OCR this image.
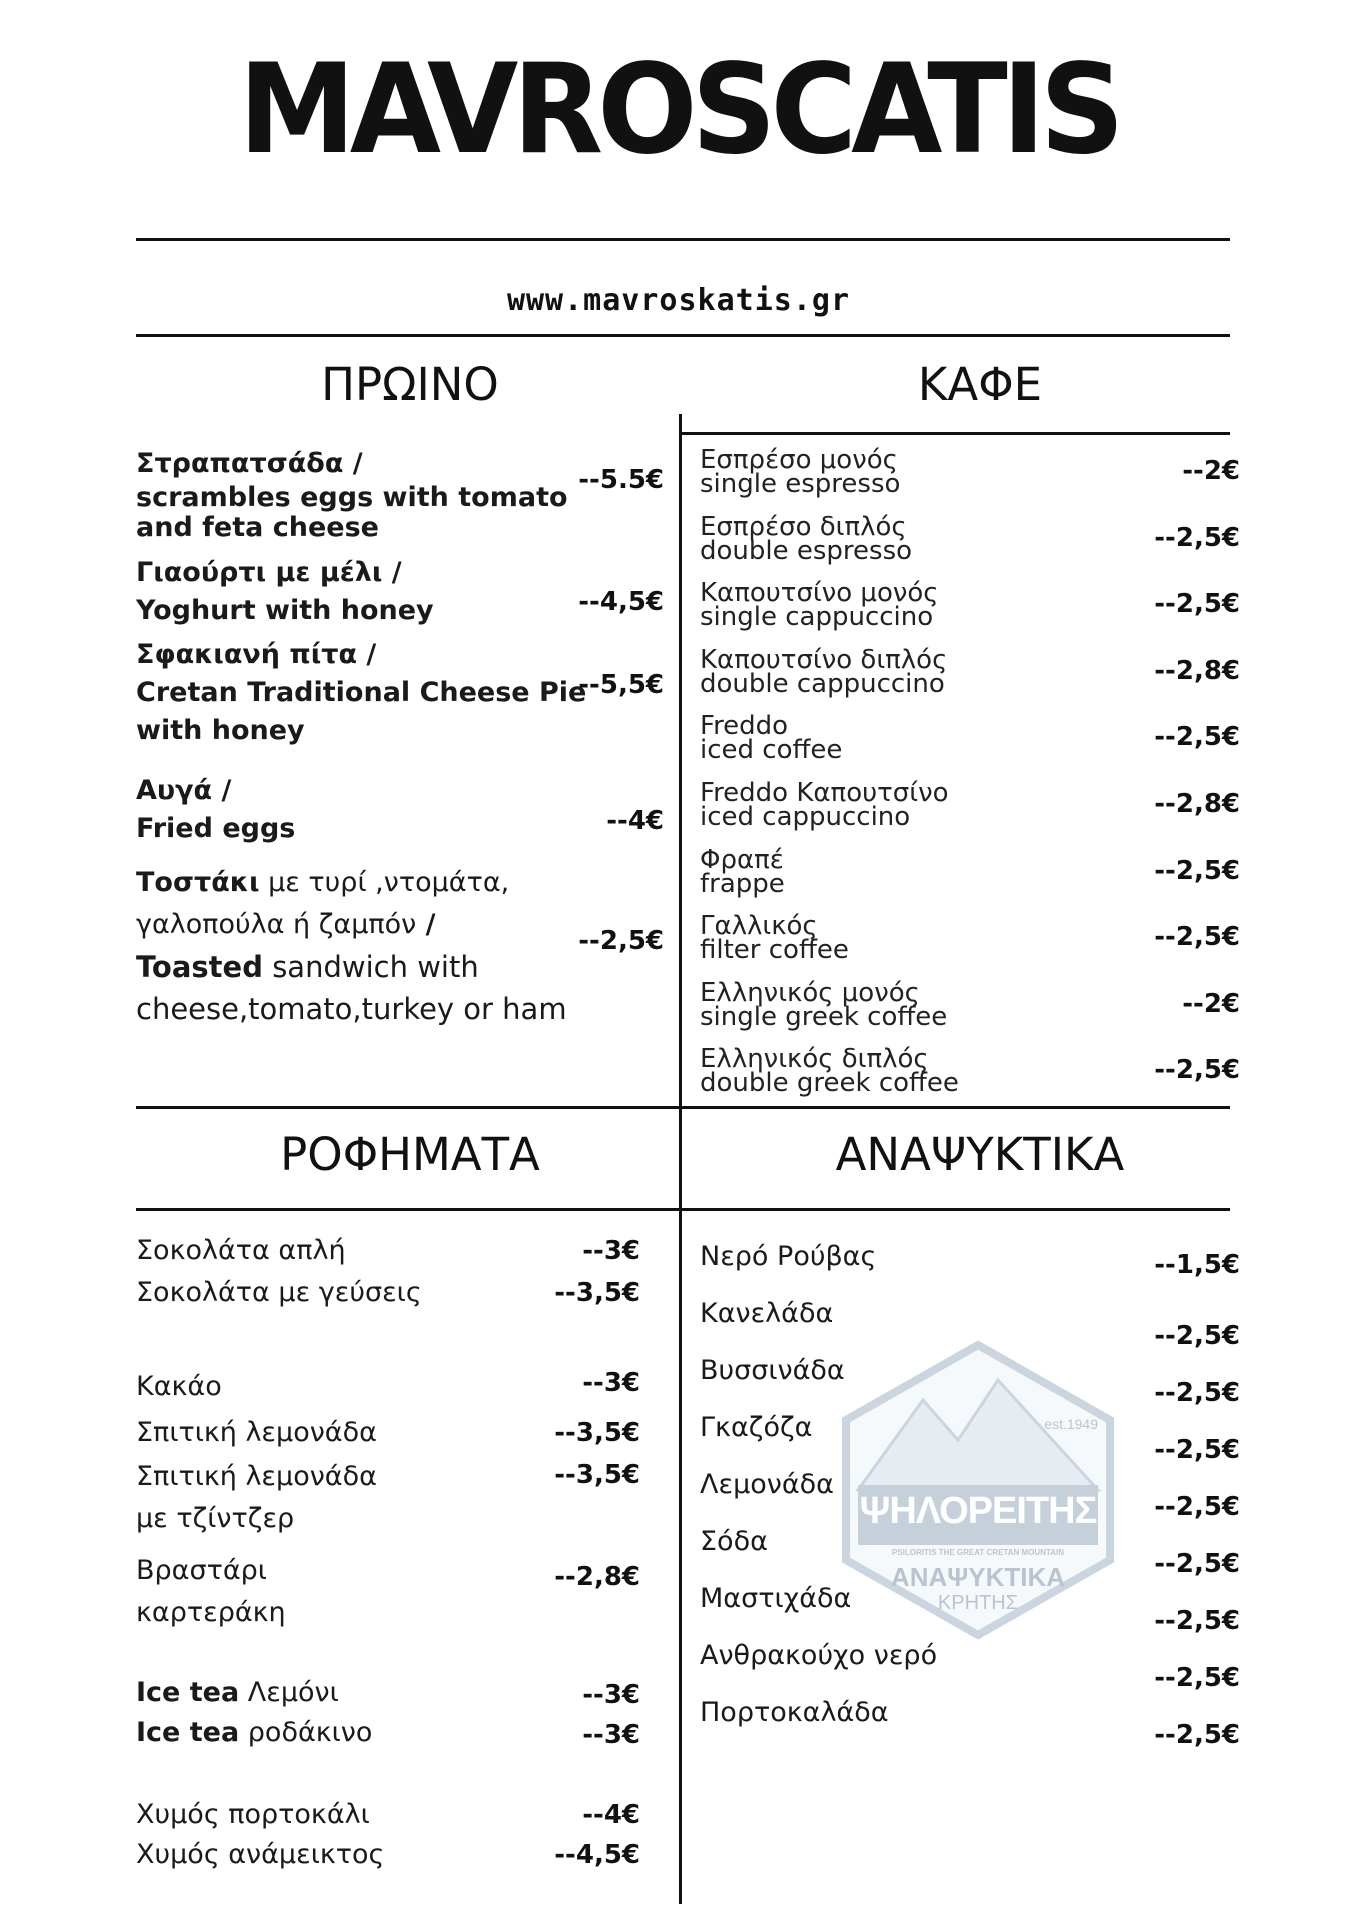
MAVROSCATIS
www.mavroskatis.gr
ΠΡΩΙΝΟ	ΚΑΦΕ
Στραπατσάδα /
scrambles eggs with tomato
and feta cheese
--5.5€
Γιαούρτι με μέλι /
Yoghurt with honey	--4,5€
Σφακιανή πίτα /
Cretan Traditional Cheese Pie
with honey
--5,5€
Αυγά /
Fried eggs	--4€
Τοστάκι με τυρί ,ντομάτα,
γαλοπούλα ή ζαμπόν /
Toasted sandwich with
cheese,tomato,turkey or ham
--2,5€
Εσπρέσο μονός
single espresso	--2€
Εσπρέσο διπλός
double espresso	--2,5€
Καπουτσίνο μονός
single cappuccino	--2,5€
Καπουτσίνο διπλός
double cappuccino	--2,8€
Freddo
iced coffee	--2,5€
Freddo Καπουτσίνο
iced cappuccino	--2,8€
Φραπέ
frappe	--2,5€
Γαλλικός
filter coffee	--2,5€
Ελληνικός μονός
single greek coffee	--2€
Ελληνικός διπλός
double greek coffee	--2,5€
ΡΟΦΗΜΑΤΑ	ΑΝΑΨΥΚΤΙΚΑ
Σοκολάτα απλή	--3€
Σοκολάτα με γεύσεις	--3,5€
Κακάο	--3€
Σπιτική λεμονάδα	--3,5€
Σπιτική λεμονάδα
με τζίντζερ
--3,5€
Βραστάρι
καρτεράκη
--2,8€
Ice tea Λεμόνι	--3€
Ice tea ροδάκινο	--3€
Χυμός πορτοκάλι	--4€
Χυμός ανάμεικτος	--4,5€
est.1949
ΨΗΛΟΡΕΙΤΗΣ
PSILORITIS THE GREAT CRETAN MOUNTAIN
ΑΝΑΨΥΚΤΙΚΑ
ΚΡΗΤΗΣ
Νερό Ρούβας	--1,5€
Κανελάδα
--2,5€
Βυσσινάδα
--2,5€
Γκαζόζα
--2,5€
Λεμονάδα
--2,5€
Σόδα
--2,5€
Μαστιχάδα
--2,5€
Ανθρακούχο νερό
--2,5€
Πορτοκαλάδα
--2,5€
